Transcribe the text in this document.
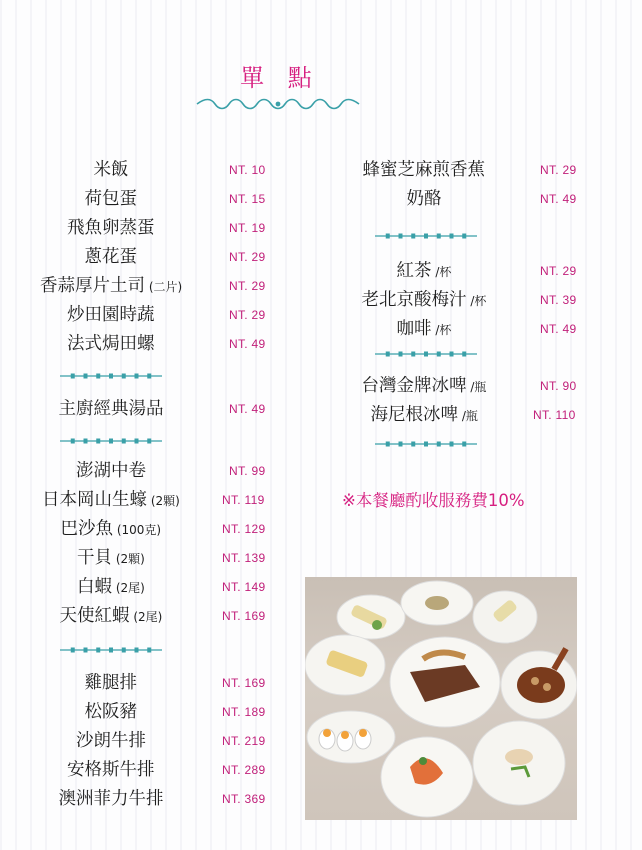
單 點
米飯	NT. 10
荷包蛋	NT. 15
飛魚卵蒸蛋	NT. 19
蔥花蛋	NT. 29
香蒜厚片土司 (二片)	NT. 29
炒田園時蔬	NT. 29
法式焗田螺	NT. 49
主廚經典湯品	NT. 49
澎湖中卷	NT. 99
日本岡山生蠔 (2顆)	NT. 119
巴沙魚 (100克)	NT. 129
干貝 (2顆)	NT. 139
白蝦 (2尾)	NT. 149
天使紅蝦 (2尾)	NT. 169
雞腿排	NT. 169
松阪豬	NT. 189
沙朗牛排	NT. 219
安格斯牛排	NT. 289
澳洲菲力牛排	NT. 369
蜂蜜芝麻煎香蕉	NT. 29
奶酪	NT. 49
紅茶 /杯	NT. 29
老北京酸梅汁 /杯	NT. 39
咖啡 /杯	NT. 49
台灣金牌冰啤 /瓶	NT. 90
海尼根冰啤 /瓶	NT. 110
※本餐廳酌收服務費10%
